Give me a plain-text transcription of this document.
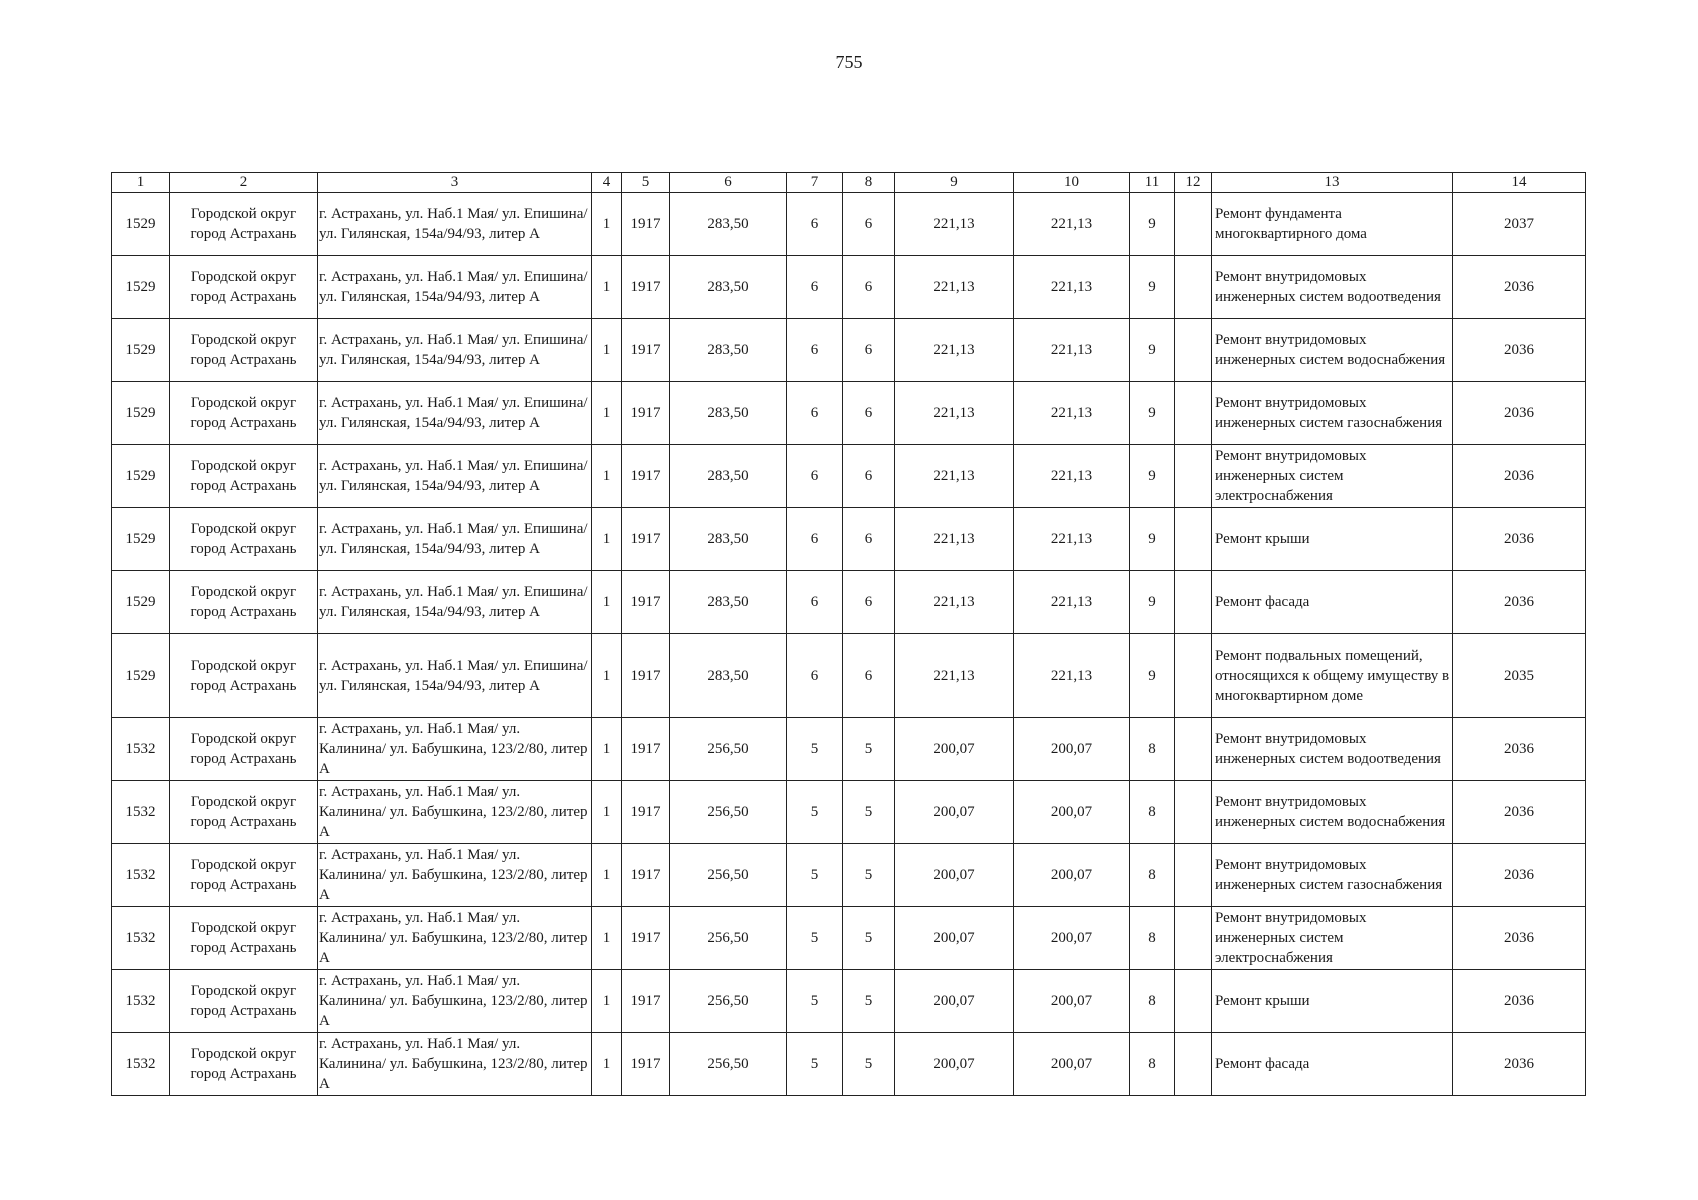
755
1	2	3	4	5	6	7	8	9	10	11	12	13	14
1529	Городской округ город Астрахань	г. Астрахань, ул. Наб.1 Мая/ ул. Епишина/ ул. Гилянская, 154а/94/93, литер А	1	1917	283,50	6	6	221,13	221,13	9		Ремонт фундамента многоквартирного дома	2037
1529	Городской округ город Астрахань	г. Астрахань, ул. Наб.1 Мая/ ул. Епишина/ ул. Гилянская, 154а/94/93, литер А	1	1917	283,50	6	6	221,13	221,13	9		Ремонт внутридомовых инженерных систем водоотведения	2036
1529	Городской округ город Астрахань	г. Астрахань, ул. Наб.1 Мая/ ул. Епишина/ ул. Гилянская, 154а/94/93, литер А	1	1917	283,50	6	6	221,13	221,13	9		Ремонт внутридомовых инженерных систем водоснабжения	2036
1529	Городской округ город Астрахань	г. Астрахань, ул. Наб.1 Мая/ ул. Епишина/ ул. Гилянская, 154а/94/93, литер А	1	1917	283,50	6	6	221,13	221,13	9		Ремонт внутридомовых инженерных систем газоснабжения	2036
1529	Городской округ город Астрахань	г. Астрахань, ул. Наб.1 Мая/ ул. Епишина/ ул. Гилянская, 154а/94/93, литер А	1	1917	283,50	6	6	221,13	221,13	9		Ремонт внутридомовых инженерных систем электроснабжения	2036
1529	Городской округ город Астрахань	г. Астрахань, ул. Наб.1 Мая/ ул. Епишина/ ул. Гилянская, 154а/94/93, литер А	1	1917	283,50	6	6	221,13	221,13	9		Ремонт крыши	2036
1529	Городской округ город Астрахань	г. Астрахань, ул. Наб.1 Мая/ ул. Епишина/ ул. Гилянская, 154а/94/93, литер А	1	1917	283,50	6	6	221,13	221,13	9		Ремонт фасада	2036
1529	Городской округ город Астрахань	г. Астрахань, ул. Наб.1 Мая/ ул. Епишина/ ул. Гилянская, 154а/94/93, литер А	1	1917	283,50	6	6	221,13	221,13	9		Ремонт подвальных помещений, относящихся к общему имуществу в многоквартирном доме	2035
1532	Городской округ город Астрахань	г. Астрахань, ул. Наб.1 Мая/ ул. Калинина/ ул. Бабушкина, 123/2/80, литер А	1	1917	256,50	5	5	200,07	200,07	8		Ремонт внутридомовых инженерных систем водоотведения	2036
1532	Городской округ город Астрахань	г. Астрахань, ул. Наб.1 Мая/ ул. Калинина/ ул. Бабушкина, 123/2/80, литер А	1	1917	256,50	5	5	200,07	200,07	8		Ремонт внутридомовых инженерных систем водоснабжения	2036
1532	Городской округ город Астрахань	г. Астрахань, ул. Наб.1 Мая/ ул. Калинина/ ул. Бабушкина, 123/2/80, литер А	1	1917	256,50	5	5	200,07	200,07	8		Ремонт внутридомовых инженерных систем газоснабжения	2036
1532	Городской округ город Астрахань	г. Астрахань, ул. Наб.1 Мая/ ул. Калинина/ ул. Бабушкина, 123/2/80, литер А	1	1917	256,50	5	5	200,07	200,07	8		Ремонт внутридомовых инженерных систем электроснабжения	2036
1532	Городской округ город Астрахань	г. Астрахань, ул. Наб.1 Мая/ ул. Калинина/ ул. Бабушкина, 123/2/80, литер А	1	1917	256,50	5	5	200,07	200,07	8		Ремонт крыши	2036
1532	Городской округ город Астрахань	г. Астрахань, ул. Наб.1 Мая/ ул. Калинина/ ул. Бабушкина, 123/2/80, литер А	1	1917	256,50	5	5	200,07	200,07	8		Ремонт фасада	2036
